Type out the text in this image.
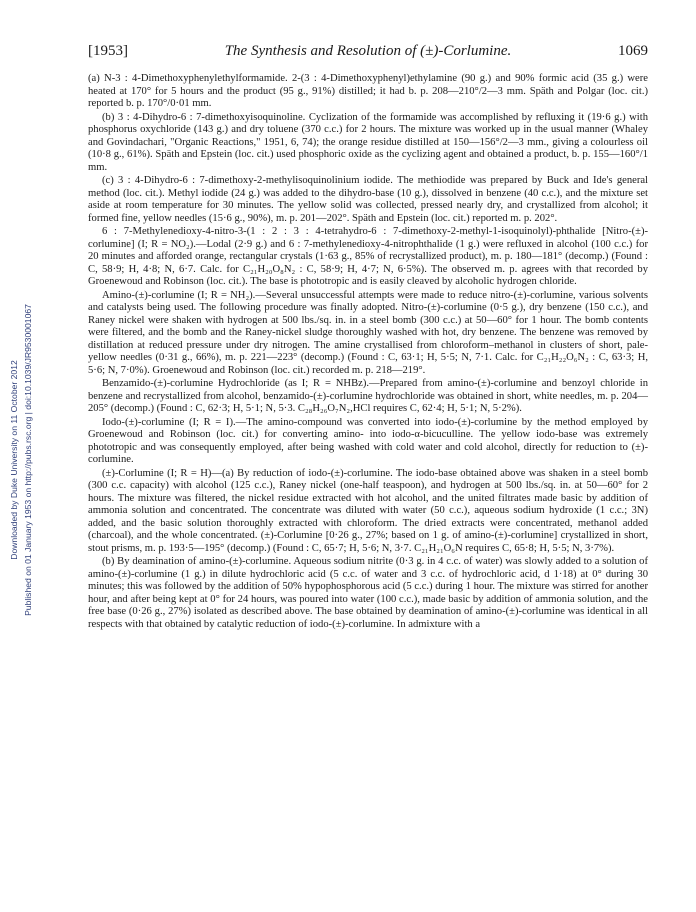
[1953]	The Synthesis and Resolution of (±)-Corlumine.	1069
Downloaded by Duke University on 11 October 2012 Published on 01 January 1953 on http://pubs.rsc.org | doi:10.1039/JR9530001067

(a) N-3 : 4-Dimethoxyphenylethylformamide. 2-(3 : 4-Dimethoxyphenyl)ethylamine (90 g.) and 90% formic acid (35 g.) were heated at 170° for 5 hours and the product (95 g., 91%) distilled; it had b. p. 208—210°/2—3 mm. Späth and Polgar (loc. cit.) reported b. p. 170°/0·01 mm.

(b) 3 : 4-Dihydro-6 : 7-dimethoxyisoquinoline. Cyclization of the formamide was accomplished by refluxing it (19·6 g.) with phosphorus oxychloride (143 g.) and dry toluene (370 c.c.) for 2 hours. The mixture was worked up in the usual manner (Whaley and Govindachari, "Organic Reactions," 1951, 6, 74); the orange residue distilled at 150—156°/2—3 mm., giving a colourless oil (10·8 g., 61%). Späth and Epstein (loc. cit.) used phosphoric oxide as the cyclizing agent and obtained a product, b. p. 155—160°/1 mm.

(c) 3 : 4-Dihydro-6 : 7-dimethoxy-2-methylisoquinolinium iodide. The methiodide was prepared by Buck and Ide's general method (loc. cit.). Methyl iodide (24 g.) was added to the dihydro-base (10 g.), dissolved in benzene (40 c.c.), and the mixture set aside at room temperature for 30 minutes. The yellow solid was collected, pressed nearly dry, and crystallized from alcohol; it formed fine, yellow needles (15·6 g., 90%), m. p. 201—202°. Späth and Epstein (loc. cit.) reported m. p. 202°.

6 : 7-Methylenedioxy-4-nitro-3-(1 : 2 : 3 : 4-tetrahydro-6 : 7-dimethoxy-2-methyl-1-isoquinolyl)-phthalide [Nitro-(±)-corlumine] (I; R = NO₂).—Lodal (2·9 g.) and 6 : 7-methylenedioxy-4-nitrophthalide (1 g.) were refluxed in alcohol (100 c.c.) for 20 minutes and afforded orange, rectangular crystals (1·63 g., 85% of recrystallized product), m. p. 180—181° (decomp.) (Found : C, 58·9; H, 4·8; N, 6·7. Calc. for C₂₁H₂₀O₈N₂ : C, 58·9; H, 4·7; N, 6·5%). The observed m. p. agrees with that recorded by Groenewoud and Robinson (loc. cit.). The base is phototropic and is easily cleaved by alcoholic hydrogen chloride.

Amino-(±)-corlumine (I; R = NH₂).—Several unsuccessful attempts were made to reduce nitro-(±)-corlumine, various solvents and catalysts being used. The following procedure was finally adopted. Nitro-(±)-corlumine (0·5 g.), dry benzene (150 c.c.), and Raney nickel were shaken with hydrogen at 500 lbs./sq. in. in a steel bomb (300 c.c.) at 50—60° for 1 hour. The bomb contents were filtered, and the bomb and the Raney-nickel sludge thoroughly washed with hot, dry benzene. The benzene was removed by distillation at reduced pressure under dry nitrogen. The amine crystallised from chloroform–methanol in clusters of short, pale-yellow needles (0·31 g., 66%), m. p. 221—223° (decomp.) (Found : C, 63·1; H, 5·5; N, 7·1. Calc. for C₂₁H₂₂O₆N₂ : C, 63·3; H, 5·6; N, 7·0%). Groenewoud and Robinson (loc. cit.) recorded m. p. 218—219°.

Benzamido-(±)-corlumine Hydrochloride (as I; R = NHBz).—Prepared from amino-(±)-corlumine and benzoyl chloride in benzene and recrystallized from alcohol, benzamido-(±)-corlumine hydrochloride was obtained in short, white needles, m. p. 204—205° (decomp.) (Found : C, 62·3; H, 5·1; N, 5·3. C₂₈H₂₆O₇N₂,HCl requires C, 62·4; H, 5·1; N, 5·2%).

Iodo-(±)-corlumine (I; R = I).—The amino-compound was converted into iodo-(±)-corlumine by the method employed by Groenewoud and Robinson (loc. cit.) for converting amino- into iodo-α-bicuculline. The yellow iodo-base was extremely phototropic and was consequently employed, after being washed with cold water and cold alcohol, directly for reduction to (±)-corlumine.

(±)-Corlumine (I; R = H)—(a) By reduction of iodo-(±)-corlumine. The iodo-base obtained above was shaken in a steel bomb (300 c.c. capacity) with alcohol (125 c.c.), Raney nickel (one-half teaspoon), and hydrogen at 500 lbs./sq. in. at 50—60° for 2 hours. The mixture was filtered, the nickel residue extracted with hot alcohol, and the united filtrates made basic by addition of ammonia solution and concentrated. The concentrate was diluted with water (50 c.c.), aqueous sodium hydroxide (1 c.c.; 3N) added, and the basic solution thoroughly extracted with chloroform. The dried extracts were concentrated, methanol added (charcoal), and the whole concentrated. (±)-Corlumine [0·26 g., 27%; based on 1 g. of amino-(±)-corlumine] crystallized in short, stout prisms, m. p. 193·5—195° (decomp.) (Found : C, 65·7; H, 5·6; N, 3·7. C₂₁H₂₁O₆N requires C, 65·8; H, 5·5; N, 3·7%).

(b) By deamination of amino-(±)-corlumine. Aqueous sodium nitrite (0·3 g. in 4 c.c. of water) was slowly added to a solution of amino-(±)-corlumine (1 g.) in dilute hydrochloric acid (5 c.c. of water and 3 c.c. of hydrochloric acid, d 1·18) at 0° during 30 minutes; this was followed by the addition of 50% hypophosphorous acid (5 c.c.) during 1 hour. The mixture was stirred for another hour, and after being kept at 0° for 24 hours, was poured into water (100 c.c.), made basic by addition of ammonia solution, and the free base (0·26 g., 27%) isolated as described above. The base obtained by deamination of amino-(±)-corlumine was identical in all respects with that obtained by catalytic reduction of iodo-(±)-corlumine. In admixture with a
